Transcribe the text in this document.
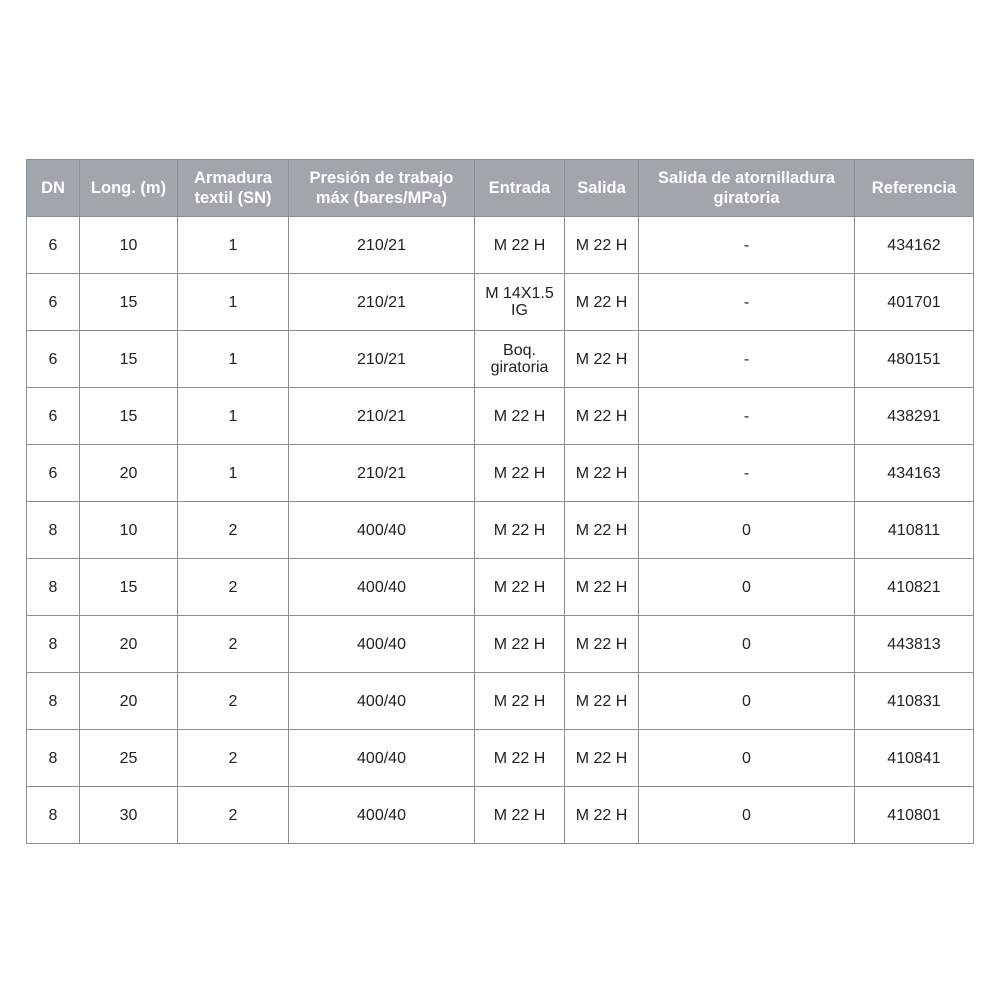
DN	Long. (m)	Armadura
textil (SN)	Presión de trabajo
máx (bares/MPa)	Entrada	Salida	Salida de atornilladura
giratoria	Referencia
6	10	1	210/21	M 22 H	M 22 H	-	434162
6	15	1	210/21	M 14X1.5
IG	M 22 H	-	401701
6	15	1	210/21	Boq.
giratoria	M 22 H	-	480151
6	15	1	210/21	M 22 H	M 22 H	-	438291
6	20	1	210/21	M 22 H	M 22 H	-	434163
8	10	2	400/40	M 22 H	M 22 H	0	410811
8	15	2	400/40	M 22 H	M 22 H	0	410821
8	20	2	400/40	M 22 H	M 22 H	0	443813
8	20	2	400/40	M 22 H	M 22 H	0	410831
8	25	2	400/40	M 22 H	M 22 H	0	410841
8	30	2	400/40	M 22 H	M 22 H	0	410801
